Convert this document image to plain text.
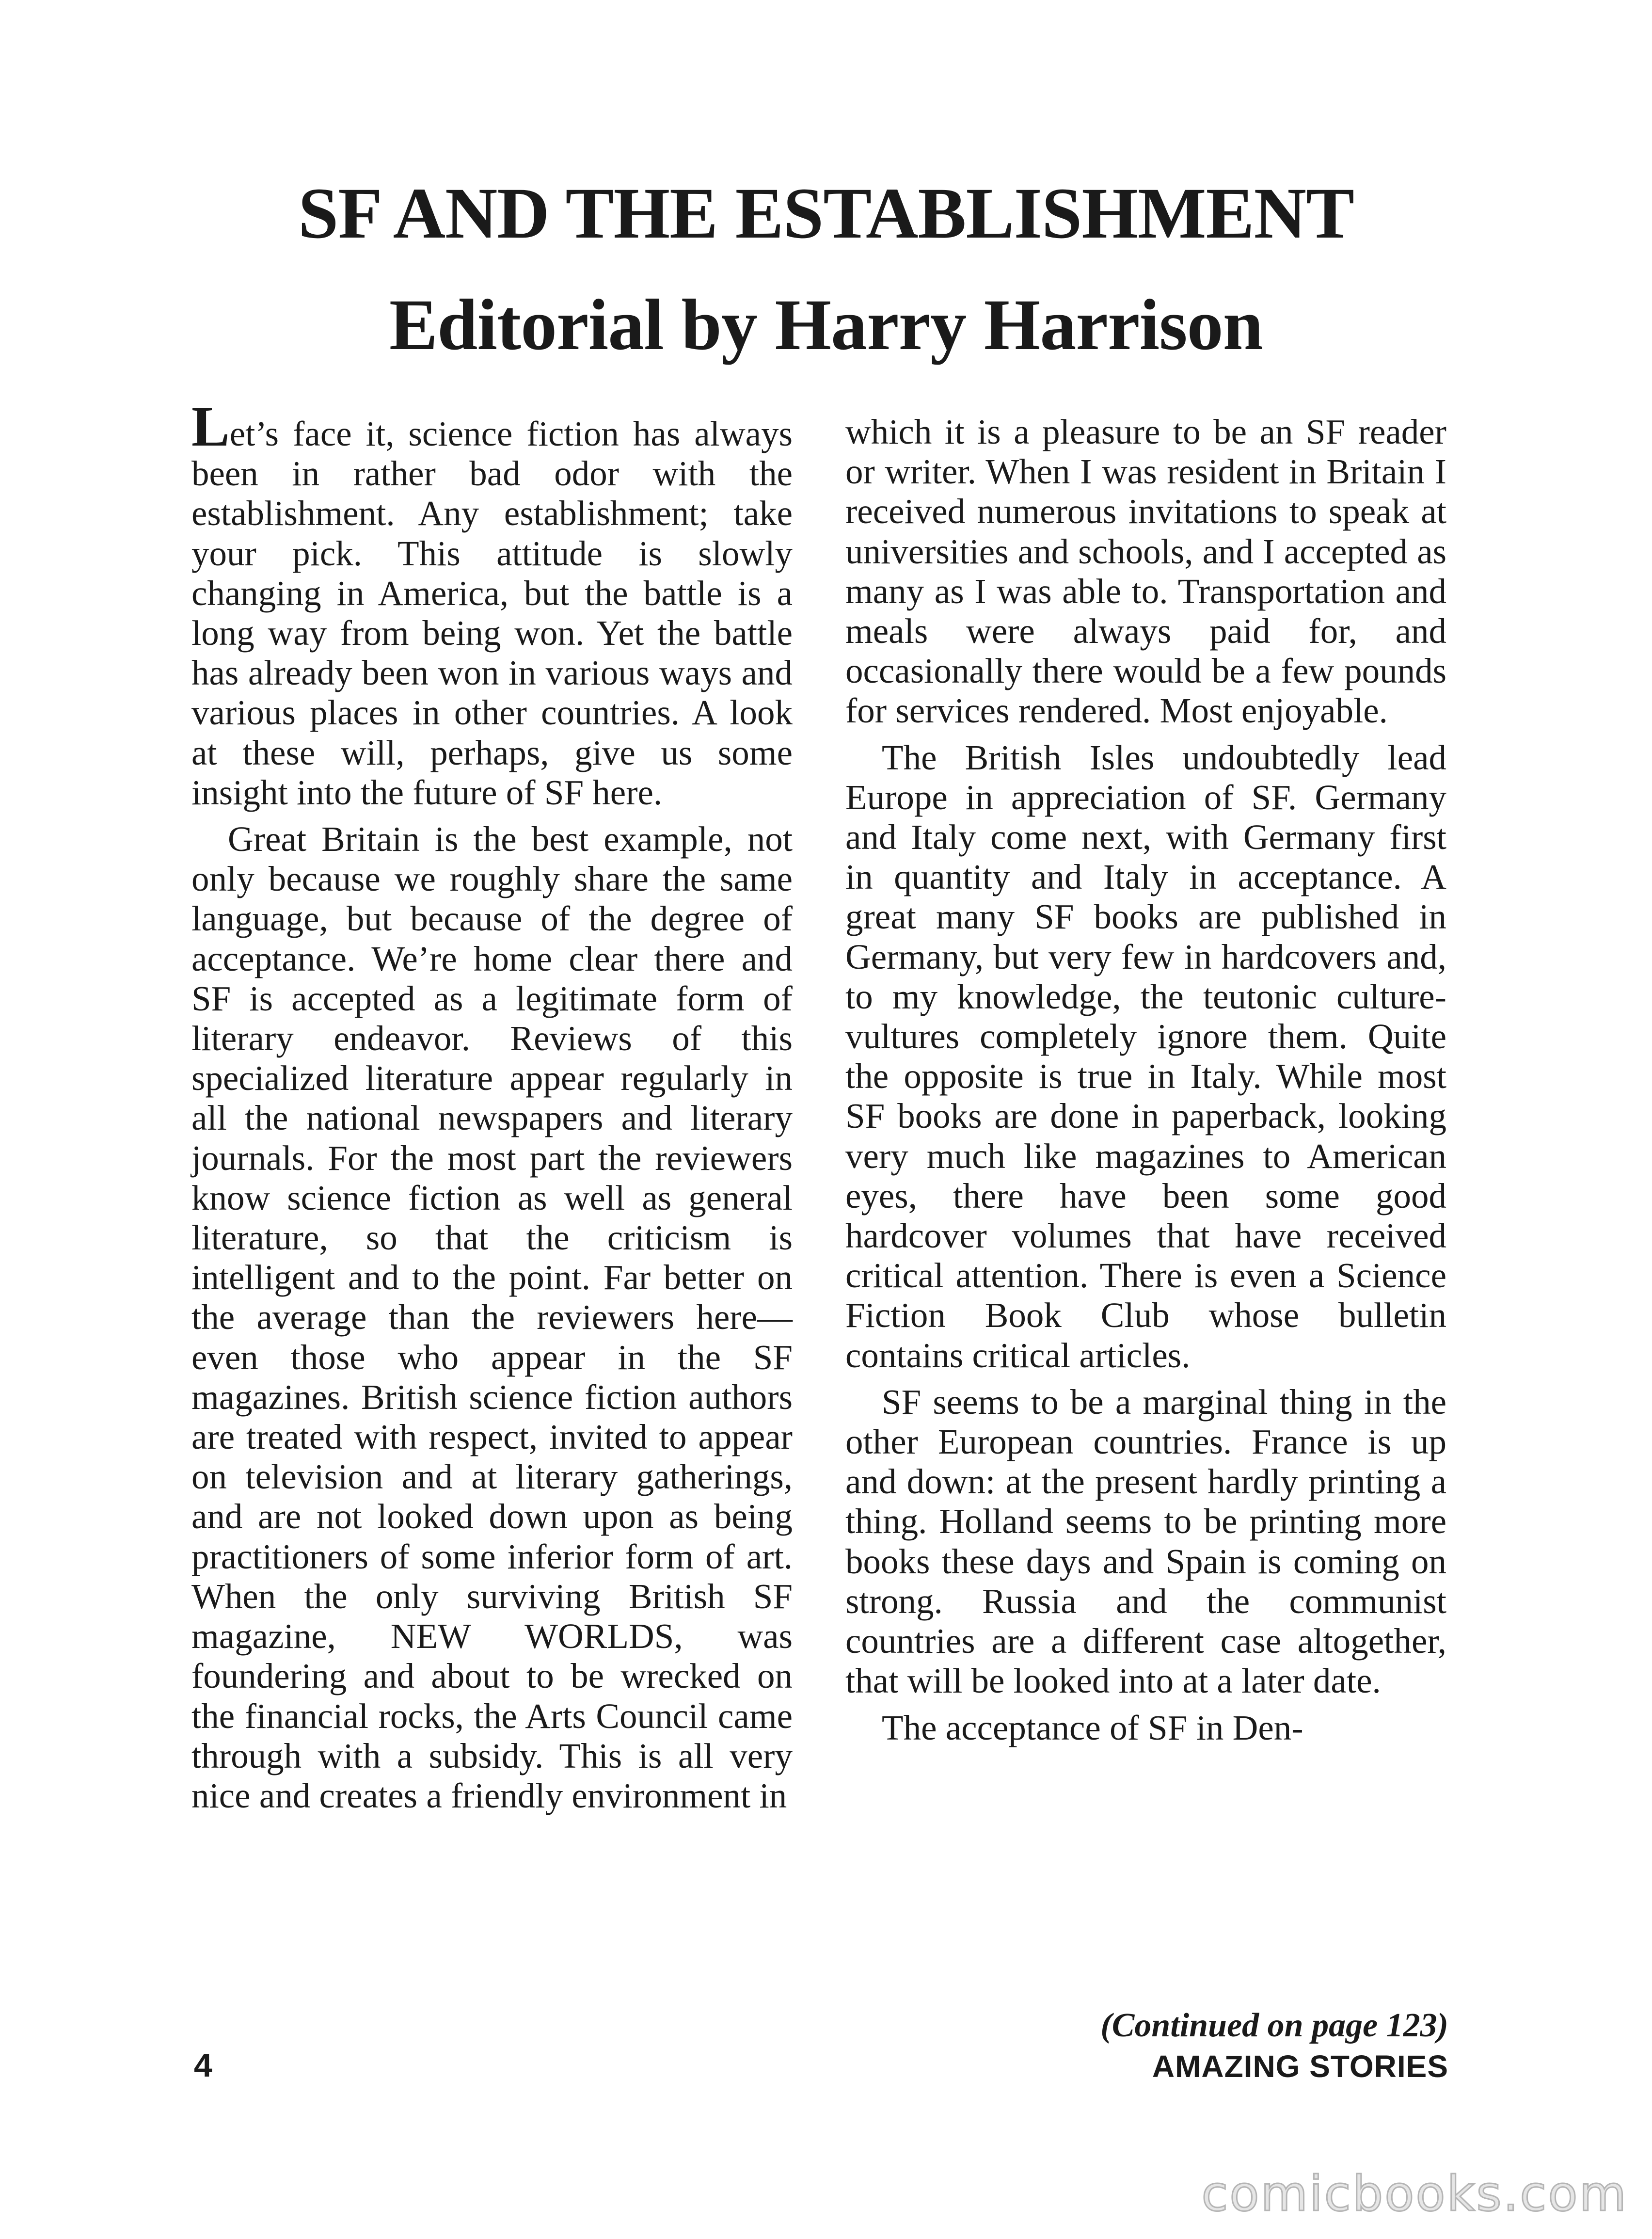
SF AND THE ESTABLISHMENT
Editorial by Harry Harrison

Let’s face it, science fiction has always been in rather bad odor with the establishment. Any establishment; take your pick. This attitude is slowly changing in America, but the battle is a long way from being won. Yet the battle has already been won in various ways and various places in other countries. A look at these will, perhaps, give us some insight into the future of SF here.

Great Britain is the best example, not only because we roughly share the same language, but because of the degree of acceptance. We’re home clear there and SF is accepted as a legitimate form of literary endeavor. Reviews of this specialized literature appear regularly in all the national newspapers and literary journals. For the most part the reviewers know science fiction as well as general literature, so that the criticism is intelligent and to the point. Far better on the average than the reviewers here—even those who appear in the SF magazines. British science fiction authors are treated with respect, invited to appear on television and at literary gatherings, and are not looked down upon as being practitioners of some inferior form of art. When the only surviving British SF magazine, NEW WORLDS, was foundering and about to be wrecked on the financial rocks, the Arts Council came through with a subsidy. This is all very nice and creates a friendly environment in

which it is a pleasure to be an SF reader or writer. When I was resident in Britain I received numerous invitations to speak at universities and schools, and I accepted as many as I was able to. Transportation and meals were always paid for, and occasionally there would be a few pounds for services rendered. Most enjoyable.

The British Isles undoubtedly lead Europe in appreciation of SF. Germany and Italy come next, with Germany first in quantity and Italy in acceptance. A great many SF books are published in Germany, but very few in hardcovers and, to my knowledge, the teutonic culture-vultures completely ignore them. Quite the opposite is true in Italy. While most SF books are done in paperback, looking very much like magazines to American eyes, there have been some good hardcover volumes that have received critical attention. There is even a Science Fiction Book Club whose bulletin contains critical articles.

SF seems to be a marginal thing in the other European countries. France is up and down: at the present hardly printing a thing. Holland seems to be printing more books these days and Spain is coming on strong. Russia and the communist countries are a different case altogether, that will be looked into at a later date.

The acceptance of SF in Den-

(Continued on page 123)
4	AMAZING STORIES
comicbooks.com
